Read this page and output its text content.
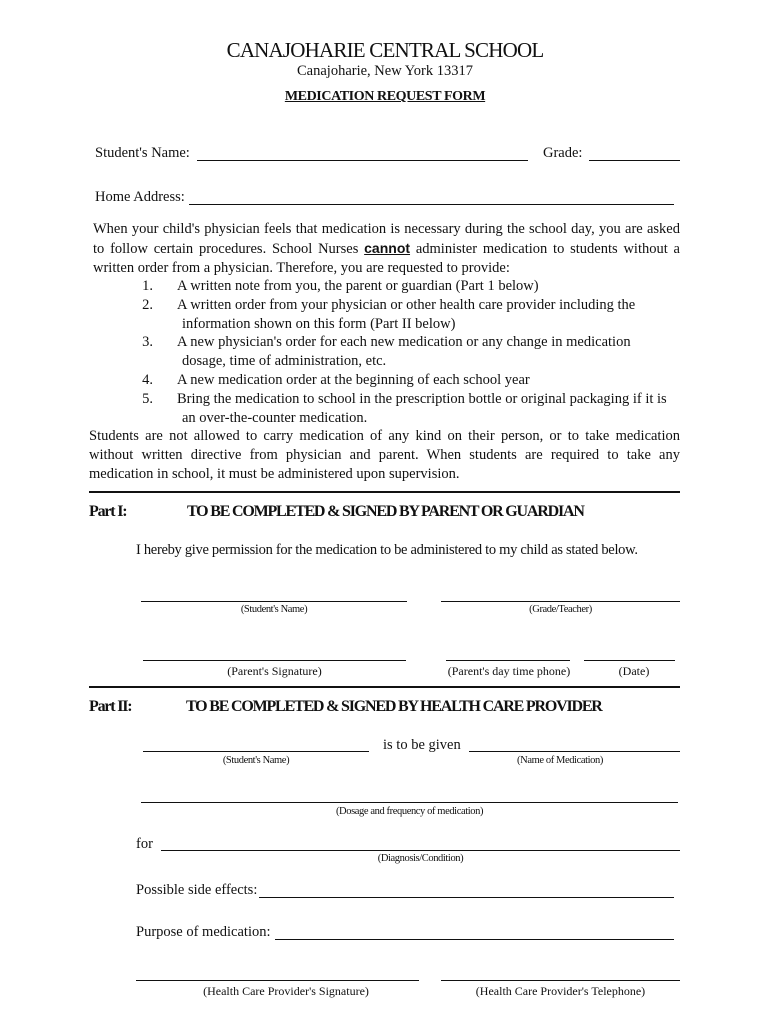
CANAJOHARIE CENTRAL SCHOOL
Canajoharie, New York 13317
MEDICATION REQUEST FORM
Student's Name:	Grade:
Home Address:
When your child's physician feels that medication is necessary during the school day, you are asked to follow certain procedures. School Nurses cannot administer medication to students without a written order from a physician. Therefore, you are requested to provide:
1.	A written note from you, the parent or guardian (Part 1 below)
2.	A written order from your physician or other health care provider including the
information shown on this form (Part II below)
3.	A new physician's order for each new medication or any change in medication
dosage, time of administration, etc.
4.	A new medication order at the beginning of each school year
5.	Bring the medication to school in the prescription bottle or original packaging if it is
an over-the-counter medication.
Students are not allowed to carry medication of any kind on their person, or to take medication without written directive from physician and parent. When students are required to take any medication in school, it must be administered upon supervision.
Part I:	TO BE COMPLETED & SIGNED BY PARENT OR GUARDIAN
I hereby give permission for the medication to be administered to my child as stated below.
(Student's Name)	(Grade/Teacher)
(Parent's Signature)	(Parent's day time phone)	(Date)
Part II:	TO BE COMPLETED & SIGNED BY HEALTH CARE PROVIDER
(Student's Name)
is to be given
(Name of Medication)
(Dosage and frequency of medication)
for
(Diagnosis/Condition)
Possible side effects:
Purpose of medication:
(Health Care Provider's Signature)	(Health Care Provider's Telephone)
